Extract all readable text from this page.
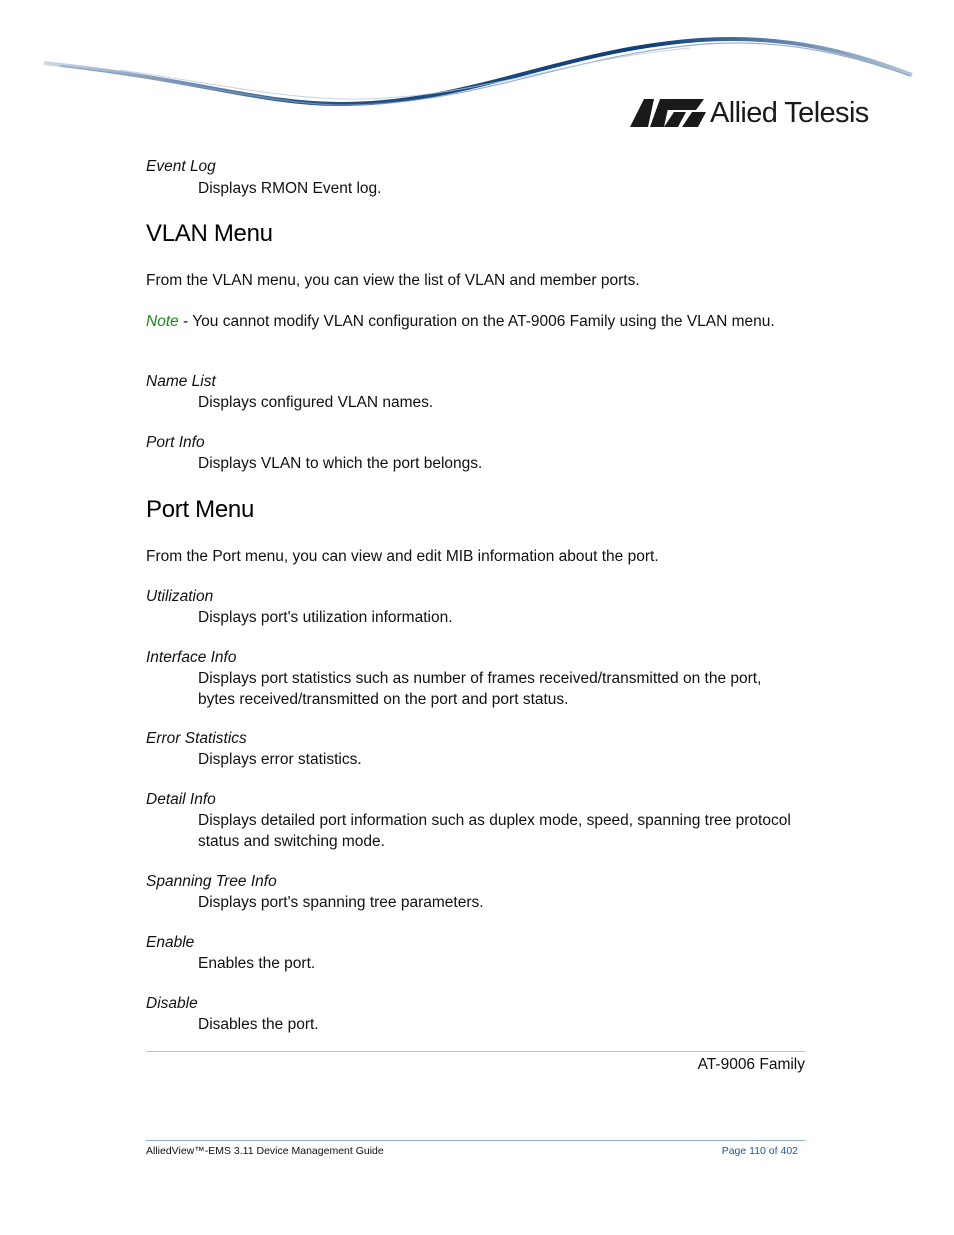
Allied Telesis
Event Log
Displays RMON Event log.
VLAN Menu
From the VLAN menu, you can view the list of VLAN and member ports.
Note - You cannot modify VLAN configuration on the AT-9006 Family using the VLAN menu.
Name List
Displays configured VLAN names.
Port Info
Displays VLAN to which the port belongs.
Port Menu
From the Port menu, you can view and edit MIB information about the port.
Utilization
Displays port's utilization information.
Interface Info
Displays port statistics such as number of frames received/transmitted on the port, bytes received/transmitted on the port and port status.
Error Statistics
Displays error statistics.
Detail Info
Displays detailed port information such as duplex mode, speed, spanning tree protocol status and switching mode.
Spanning Tree Info
Displays port's spanning tree parameters.
Enable
Enables the port.
Disable
Disables the port.
AT-9006 Family
AlliedView™-EMS 3.11 Device Management Guide	Page 110 of 402
